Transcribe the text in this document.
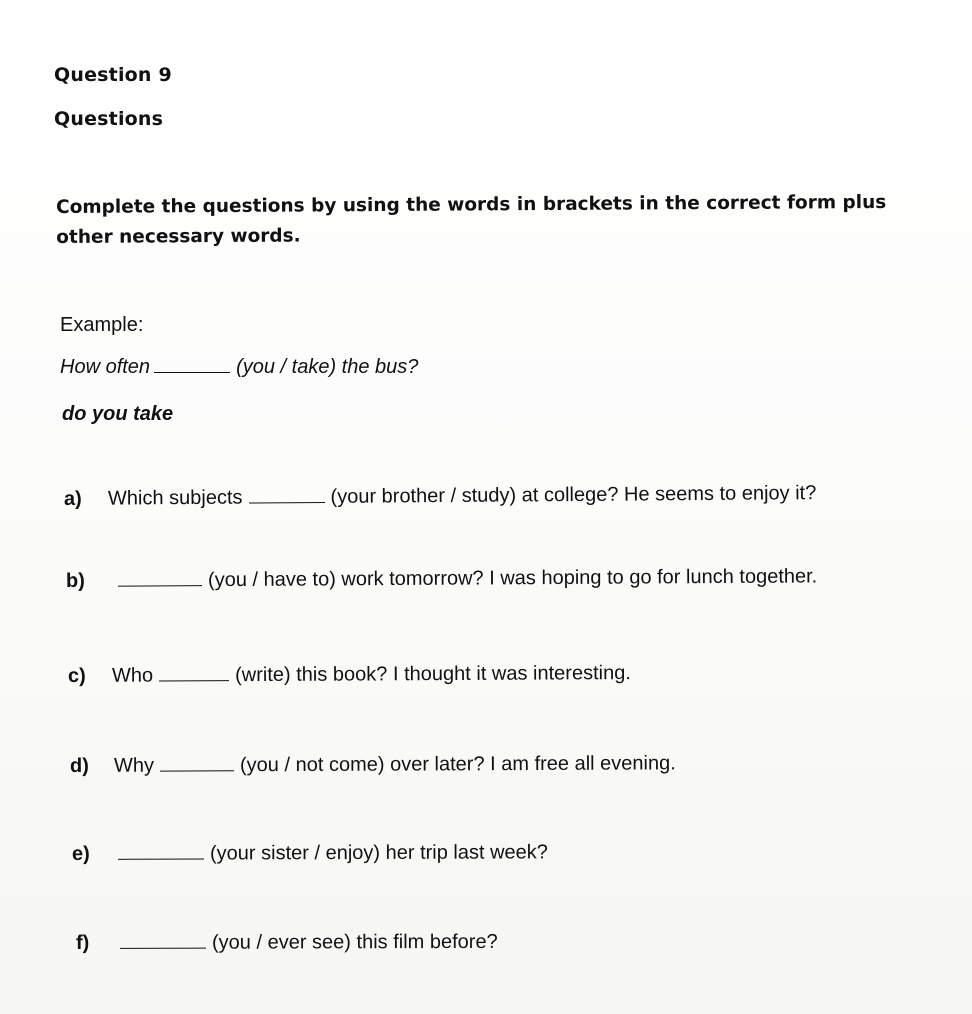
Question 9
Questions
Complete the questions by using the words in brackets in the correct form plus other necessary words.
Example:
How often	(you / take) the bus?
do you take
a)	Which subjects	(your brother / study) at college? He seems to enjoy it?
b)	(you / have to) work tomorrow? I was hoping to go for lunch together.
c)	Who	(write) this book? I thought it was interesting.
d)	Why	(you / not come) over later? I am free all evening.
e)	(your sister / enjoy) her trip last week?
f)	(you / ever see) this film before?
